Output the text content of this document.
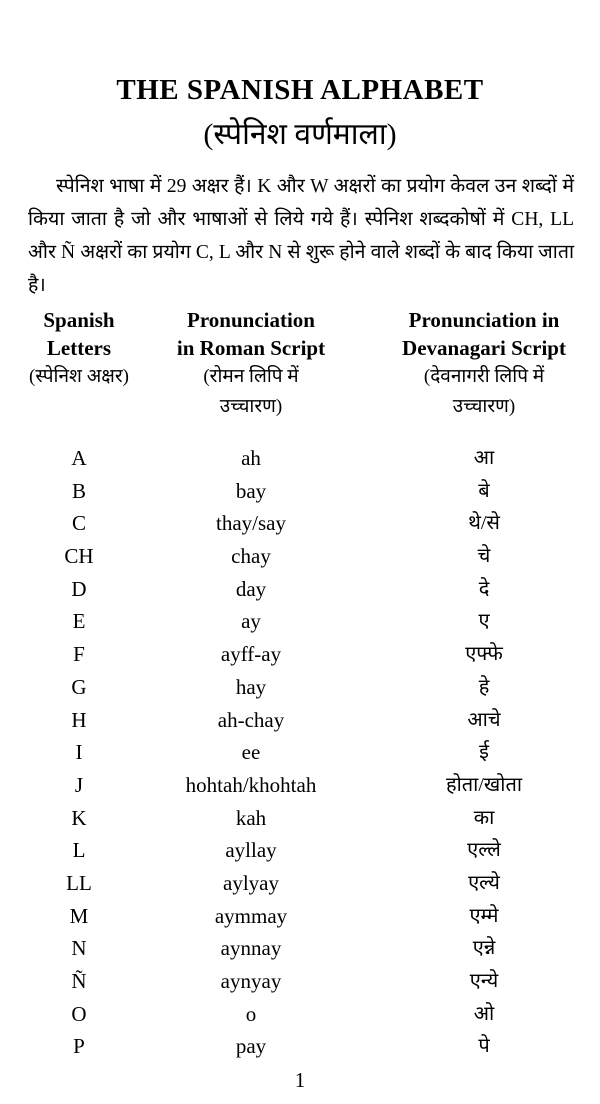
THE SPANISH ALPHABET
(स्पेनिश वर्णमाला)
स्पेनिश भाषा में 29 अक्षर हैं। K और W अक्षरों का प्रयोग केवल उन शब्दों में किया जाता है जो और भाषाओं से लिये गये हैं। स्पेनिश शब्दकोषों में CH, LL और Ñ अक्षरों का प्रयोग C, L और N से शुरू होने वाले शब्दों के बाद किया जाता है।
Spanish
Letters
(स्पेनिश अक्षर)
Pronunciation
in Roman Script
(रोमन लिपि में
उच्चारण)
Pronunciation in
Devanagari Script
(देवनागरी लिपि में
उच्चारण)
A	ah	आ
B	bay	बे
C	thay/say	थे/से
CH	chay	चे
D	day	दे
E	ay	ए
F	ayff-ay	एफ्फे
G	hay	हे
H	ah-chay	आचे
I	ee	ई
J	hohtah/khohtah	होता/खोता
K	kah	का
L	ayllay	एल्ले
LL	aylyay	एल्ये
M	aymmay	एम्मे
N	aynnay	एन्ने
Ñ	aynyay	एन्ये
O	o	ओ
P	pay	पे
1
